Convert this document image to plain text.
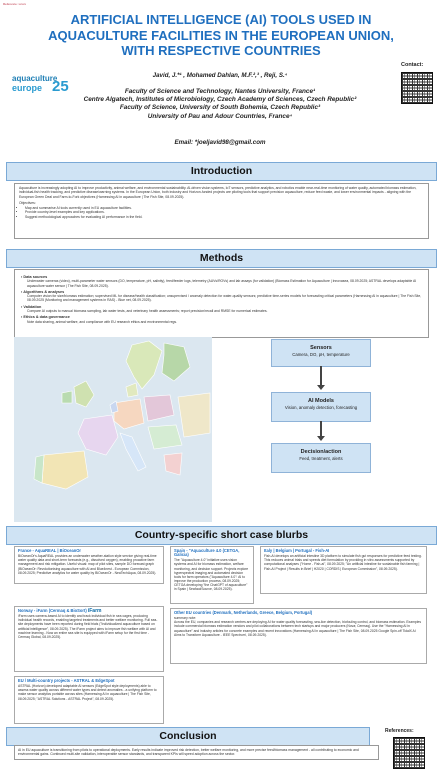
Reference: xxxxx
ARTIFICIAL INTELLIGENCE (AI) TOOLS USED IN AQUACULTURE FACILITIES IN THE EUROPEAN UNION, WITH RESPECTIVE COUNTRIES
aquaculture
europe 25
Javid, J.*¹ , Mohamed Dahlan, M.F.²,³ , Reji, S.⁴
Faculty of Science and Technology, Nantes University, France¹
Centre Algatech, Institutes of Microbiology, Czech Academy of Sciences, Czech Republic²
Faculty of Science, University of South Bohemia, Czech Republic³
University of Pau and Adour Countries, France⁴
Email: *joeljavid98@gmail.com
Contact:
Introduction
Aquaculture is increasingly adopting AI to improve productivity, animal welfare, and environmental sustainability. AI-driven vision systems, IoT sensors, predictive analytics, and robotics enable near-real-time monitoring of water quality, automated biomass estimation, individual-fish health tracking, and predictive disease/warning systems. In the European Union, both industry and Horizon-funded projects are piloting tools that support precision aquaculture, reduce feed waste, and lower environmental impacts - aligning with the European Green Deal and Farm-to-Fork objectives (Harnessing AI in aquaculture | The Fish Site, 08.09.2025).
Objectives:
• Map and summarise AI tools currently used in EU aquaculture facilities.
• Provide country-level examples and key applications.
• Suggest methodological approaches for evaluating AI performance in the field.
Methods
▪ Data sources
Underwater cameras (video), multi-parameter water sensors (DO, temperature, pH, salinity), feed/feeder logs, telemetry (AUVs/ROVs) and lab assays (for validation) (Biomass Estimation for Aquaculture | Innovasea, 08.09.2025; ASTRAL develops adaptable AI aquaculture water sensor | The Fish Site, 08.09.2025).
▪ Algorithms & analyses
Computer vision for size/biomass estimation; supervised ML for disease/health classification; unsupervised / anomaly detection for water-quality sensors; predictive time-series models for forecasting critical parameters (Harnessing AI in aquaculture | The Fish Site, 08.09.2025 (Monitoring and management systems in RAS) - Blue net, 08.09.2025).
▪ Validation
Compare AI outputs to manual biomass sampling, lab water tests, and veterinary health assessments; report precision/recall and RMSE for numerical estimates.
▪ Ethics & data governance
Note data sharing, animal welfare, and compliance with EU research ethics and environmental regs.
Sensors
Camera, DO, pH, temperature
AI Models
Vision, anomaly detection, forecasting
Decision/action
Feed, treatment, alerts
Country-specific short case blurbs
France - AquaREAL | BiOceanOr
BiOceanOr's AquaREAL provides an underwater weather-station style service giving real-time water quality data and short-term forecasts (e.g., dissolved oxygen), enabling proactive farm management and risk mitigation. Useful visual: map of pilot sites, sample DO forecast graph (BiOceanOr: Revolutionising aquaculture with AI and Blue4nest - European Commission, 08.09.2025; Predictive analytics for water quality by BiOceanOr - NeaTechAqua, 08.09.2025).
Norway - iFarm (Cermaq & BioSort) iFarm
iFarm uses camera-based AI to identify and track individual fish in sea cages, producing individual health records, enabling targeted treatments and better welfare monitoring. Full sea-site deployments have been reported during field trials ("Individualized aquaculture based on artificial intelligence", 08.09.2025). The iFarm project aims to improve fish welfare with AI and machine learning - Now an entire sea site is equipped with iFarm setup for the first time - Cermaq Global, 08.09.2025).
EU / Multi-country projects - ASTRAL & EdgeSpot
ASTRAL (Horizon) developed adaptable AI sensors (EdgeSpot style deployments) able to assess water quality across different water types and detect anomalies - a unifying platform to make sensor analytics portable across sites (Harnessing AI in aquaculture | The Fish Site, 08.09.2025; "ASTRAL Solutions - ASTRAL Project", 08.09.2025).
Spain - "Aquaculture 4.0 (CETGA, Galicia)
The "Aquaculture 4.0" initiative uses vision systems and AI for biomass estimation, welfare monitoring, and decision support. Projects explore hyperspectral imaging and automated decision tools for farm operators ("Aquaculture 4.0": AI to improve the production process, 08.09.2025; CETGA developing "the ChatGPT of aquaculture" in Spain | SeafoodSource, 08.09.2025).
Italy | Belgium | Portugal - Fish-AI
Fish-AI develops an artificial intestine 3D platform to simulate fish gut responses for predictive feed testing. This reduces animal trials and speeds diet formulation by providing in vitro assessments supported by computational analyses ("Home - Fish-ai", 08.09.2025; "An artificial intestine for sustainable fish farming | Fish-AI Project | Results in Brief | H2020 | CORDIS | European Commission", 08.09.2025).
Other EU countries (Denmark, Netherlands, Greece, Belgium, Portugal)
summary note:
Across the EU, companies and research centres are deploying AI for water quality forecasting, sea-lice detection, biofouling control, and biomass estimation. Examples include commercial biomass estimation vendors and pilot collaborations between tech startups and major producers (Nova; Cermaq). Use the "Harnessing AI in aquaculture" and industry articles for concrete examples and recent innovations (Harnessing AI in aquaculture | The Fish Site, 08.09.2025 Google Spin-off TidalX AI Aims to Transform Aquaculture - IEEE Spectrum', 08.09.2025).
Conclusion
AI in EU aquaculture is transitioning from pilots to operational deployments. Early results indicate improved risk detection, better welfare monitoring, and more precise feed/biomass management - all contributing to economic and environmental gains. Continued multi-site validation, interoperable sensor standards, and transparent KPIs will speed adoption across the sector.
References:
